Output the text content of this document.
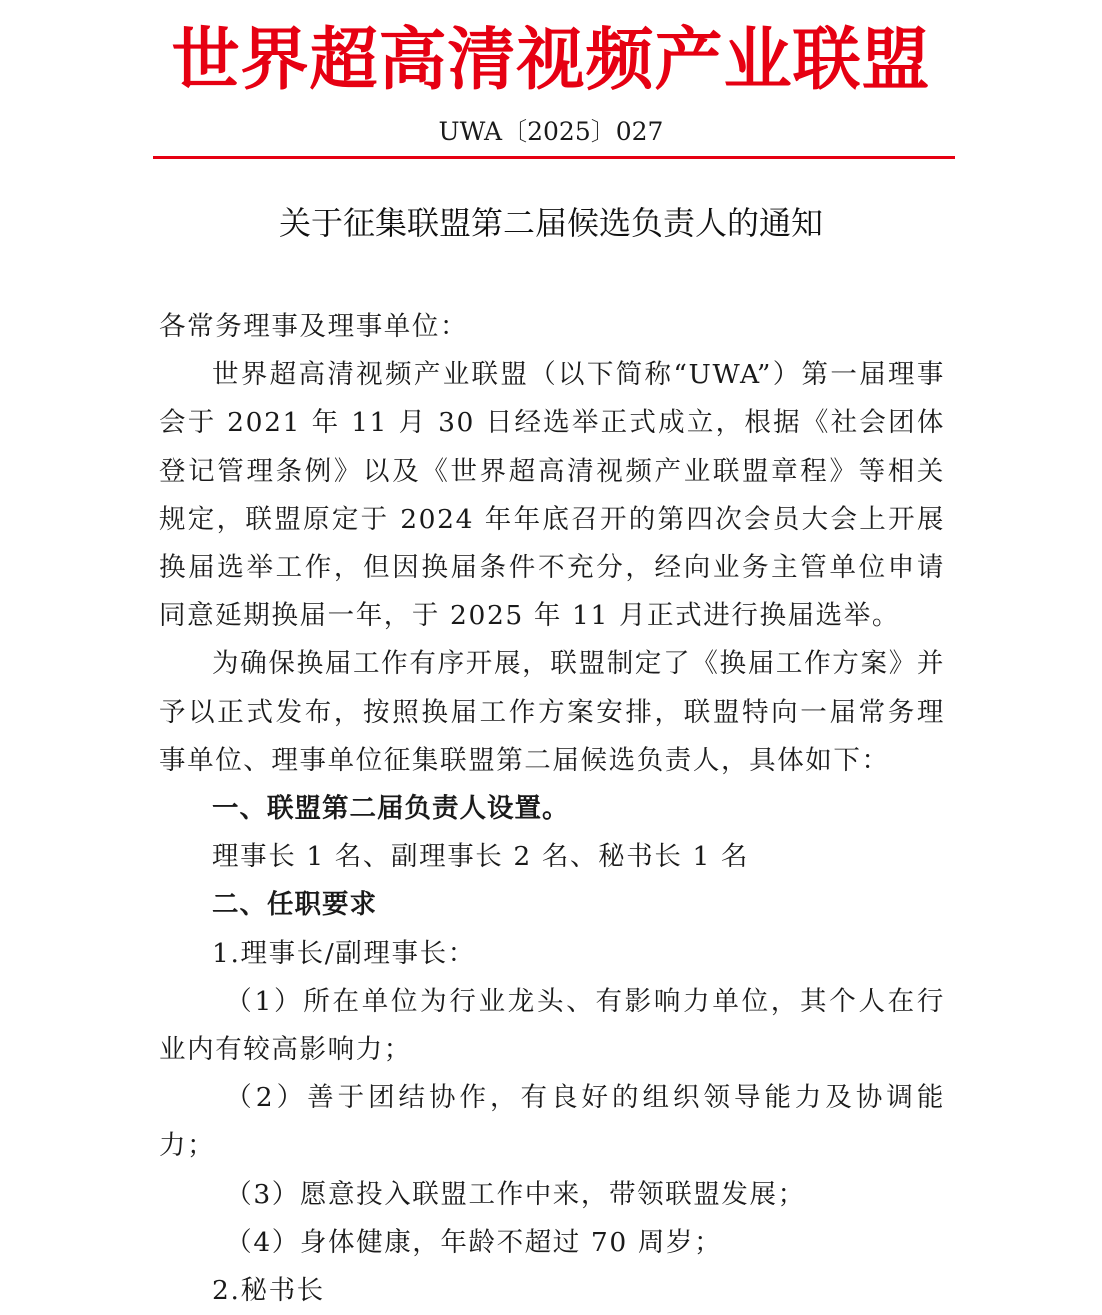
世界超高清视频产业联盟
UWA〔2025〕027
关于征集联盟第二届候选负责人的通知

各常务理事及理事单位：

世界超高清视频产业联盟（以下简称“UWA”）第一届理事会于 2021 年 11 月 30 日经选举正式成立，根据《社会团体登记管理条例》以及《世界超高清视频产业联盟章程》等相关规定，联盟原定于 2024 年年底召开的第四次会员大会上开展换届选举工作，但因换届条件不充分，经向业务主管单位申请同意延期换届一年，于 2025 年 11 月正式进行换届选举。

为确保换届工作有序开展，联盟制定了《换届工作方案》并予以正式发布，按照换届工作方案安排，联盟特向一届常务理事单位、理事单位征集联盟第二届候选负责人，具体如下：

一、联盟第二届负责人设置。

理事长 1 名、副理事长 2 名、秘书长 1 名

二、任职要求

1.理事长/副理事长：

（1）所在单位为行业龙头、有影响力单位，其个人在行业内有较高影响力；

（2）善于团结协作，有良好的组织领导能力及协调能力；

（3）愿意投入联盟工作中来，带领联盟发展；

（4）身体健康，年龄不超过 70 周岁；

2.秘书长
